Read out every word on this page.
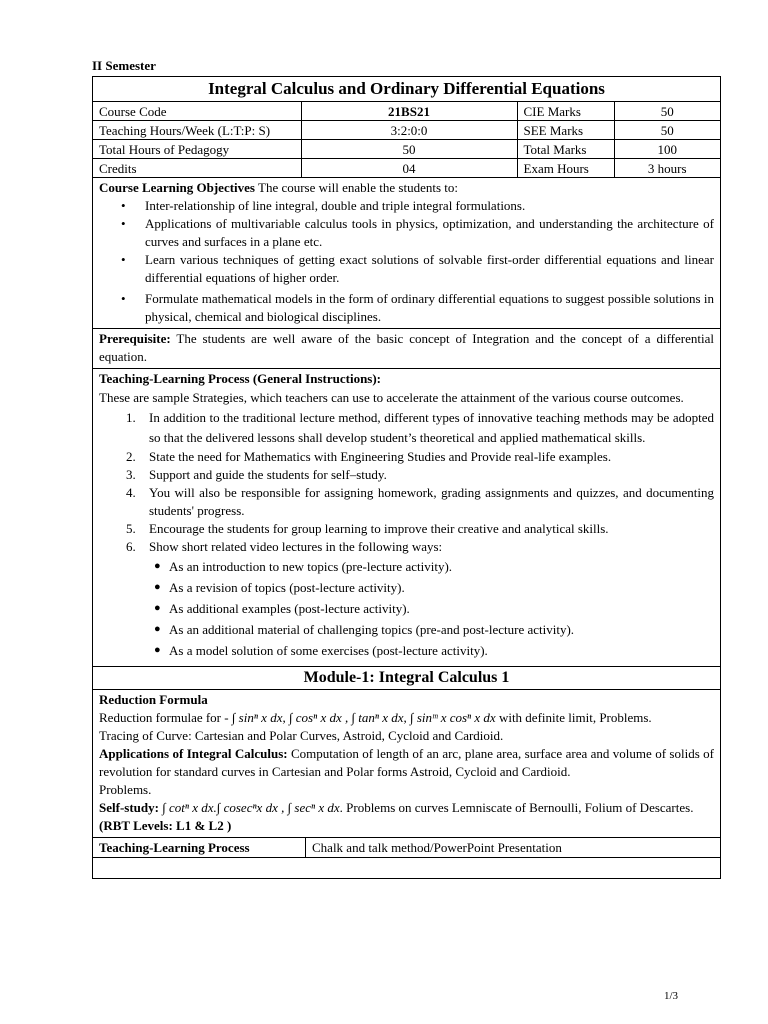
II Semester
Integral Calculus and Ordinary Differential Equations
Course Code	21BS21	CIE Marks	50
Teaching Hours/Week (L:T:P: S)	3:2:0:0	SEE Marks	50
Total Hours of Pedagogy	50	Total Marks	100
Credits	04	Exam Hours	3 hours
Course Learning Objectives The course will enable the students to:
• Inter-relationship of line integral, double and triple integral formulations.
• Applications of multivariable calculus tools in physics, optimization, and understanding the architecture of curves and surfaces in a plane etc.
• Learn various techniques of getting exact solutions of solvable first-order differential equations and linear differential equations of higher order.
• Formulate mathematical models in the form of ordinary differential equations to suggest possible solutions in physical, chemical and biological disciplines.
Prerequisite: The students are well aware of the basic concept of Integration and the concept of a differential equation.
Teaching-Learning Process (General Instructions):
These are sample Strategies, which teachers can use to accelerate the attainment of the various course outcomes.
1. In addition to the traditional lecture method, different types of innovative teaching methods may be adopted so that the delivered lessons shall develop student’s theoretical and applied mathematical skills.
2. State the need for Mathematics with Engineering Studies and Provide real-life examples.
3. Support and guide the students for self–study.
4. You will also be responsible for assigning homework, grading assignments and quizzes, and documenting students' progress.
5. Encourage the students for group learning to improve their creative and analytical skills.
6. Show short related video lectures in the following ways:
● As an introduction to new topics (pre-lecture activity).
● As a revision of topics (post-lecture activity).
● As additional examples (post-lecture activity).
● As an additional material of challenging topics (pre-and post-lecture activity).
● As a model solution of some exercises (post-lecture activity).
Module-1: Integral Calculus 1
Reduction Formula
Reduction formulae for - ∫ sinⁿ x dx, ∫ cosⁿ x dx , ∫ tanⁿ x dx, ∫ sinᵐ x cosⁿ x dx with definite limit, Problems.
Tracing of Curve: Cartesian and Polar Curves, Astroid, Cycloid and Cardioid.
Applications of Integral Calculus: Computation of length of an arc, plane area, surface area and volume of solids of revolution for standard curves in Cartesian and Polar forms Astroid, Cycloid and Cardioid.
Problems.
Self-study: ∫ cotⁿ x dx.∫ cosecⁿx dx , ∫ secⁿ x dx. Problems on curves Lemniscate of Bernoulli, Folium of Descartes.
(RBT Levels: L1 & L2 )
Teaching-Learning Process	Chalk and talk method/PowerPoint Presentation
1/3
